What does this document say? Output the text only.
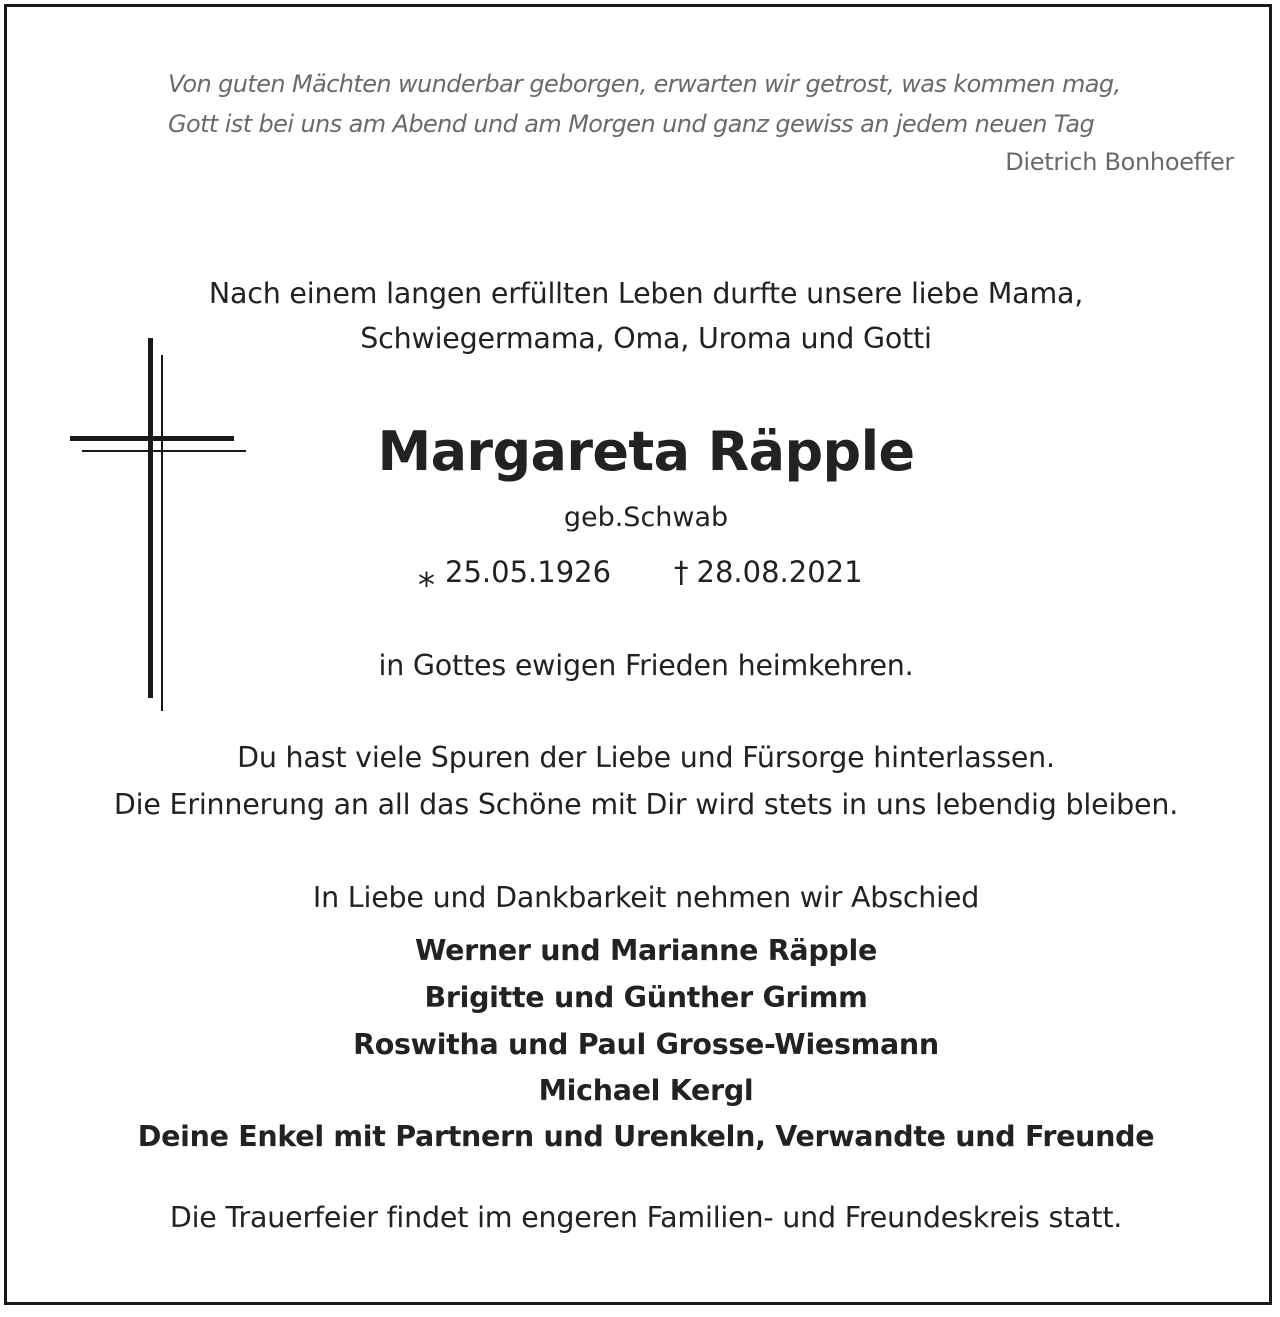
Von guten Mächten wunderbar geborgen, erwarten wir getrost, was kommen mag,
Gott ist bei uns am Abend und am Morgen und ganz gewiss an jedem neuen Tag
Dietrich Bonhoeffer
Nach einem langen erfüllten Leben durfte unsere liebe Mama,
Schwiegermama, Oma, Uroma und Gotti
Margareta Räpple
geb.Schwab
⁎ 25.05.1926 † 28.08.2021
in Gottes ewigen Frieden heimkehren.
Du hast viele Spuren der Liebe und Fürsorge hinterlassen.
Die Erinnerung an all das Schöne mit Dir wird stets in uns lebendig bleiben.
In Liebe und Dankbarkeit nehmen wir Abschied
Werner und Marianne Räpple
Brigitte und Günther Grimm
Roswitha und Paul Grosse-Wiesmann
Michael Kergl
Deine Enkel mit Partnern und Urenkeln, Verwandte und Freunde
Die Trauerfeier findet im engeren Familien- und Freundeskreis statt.
